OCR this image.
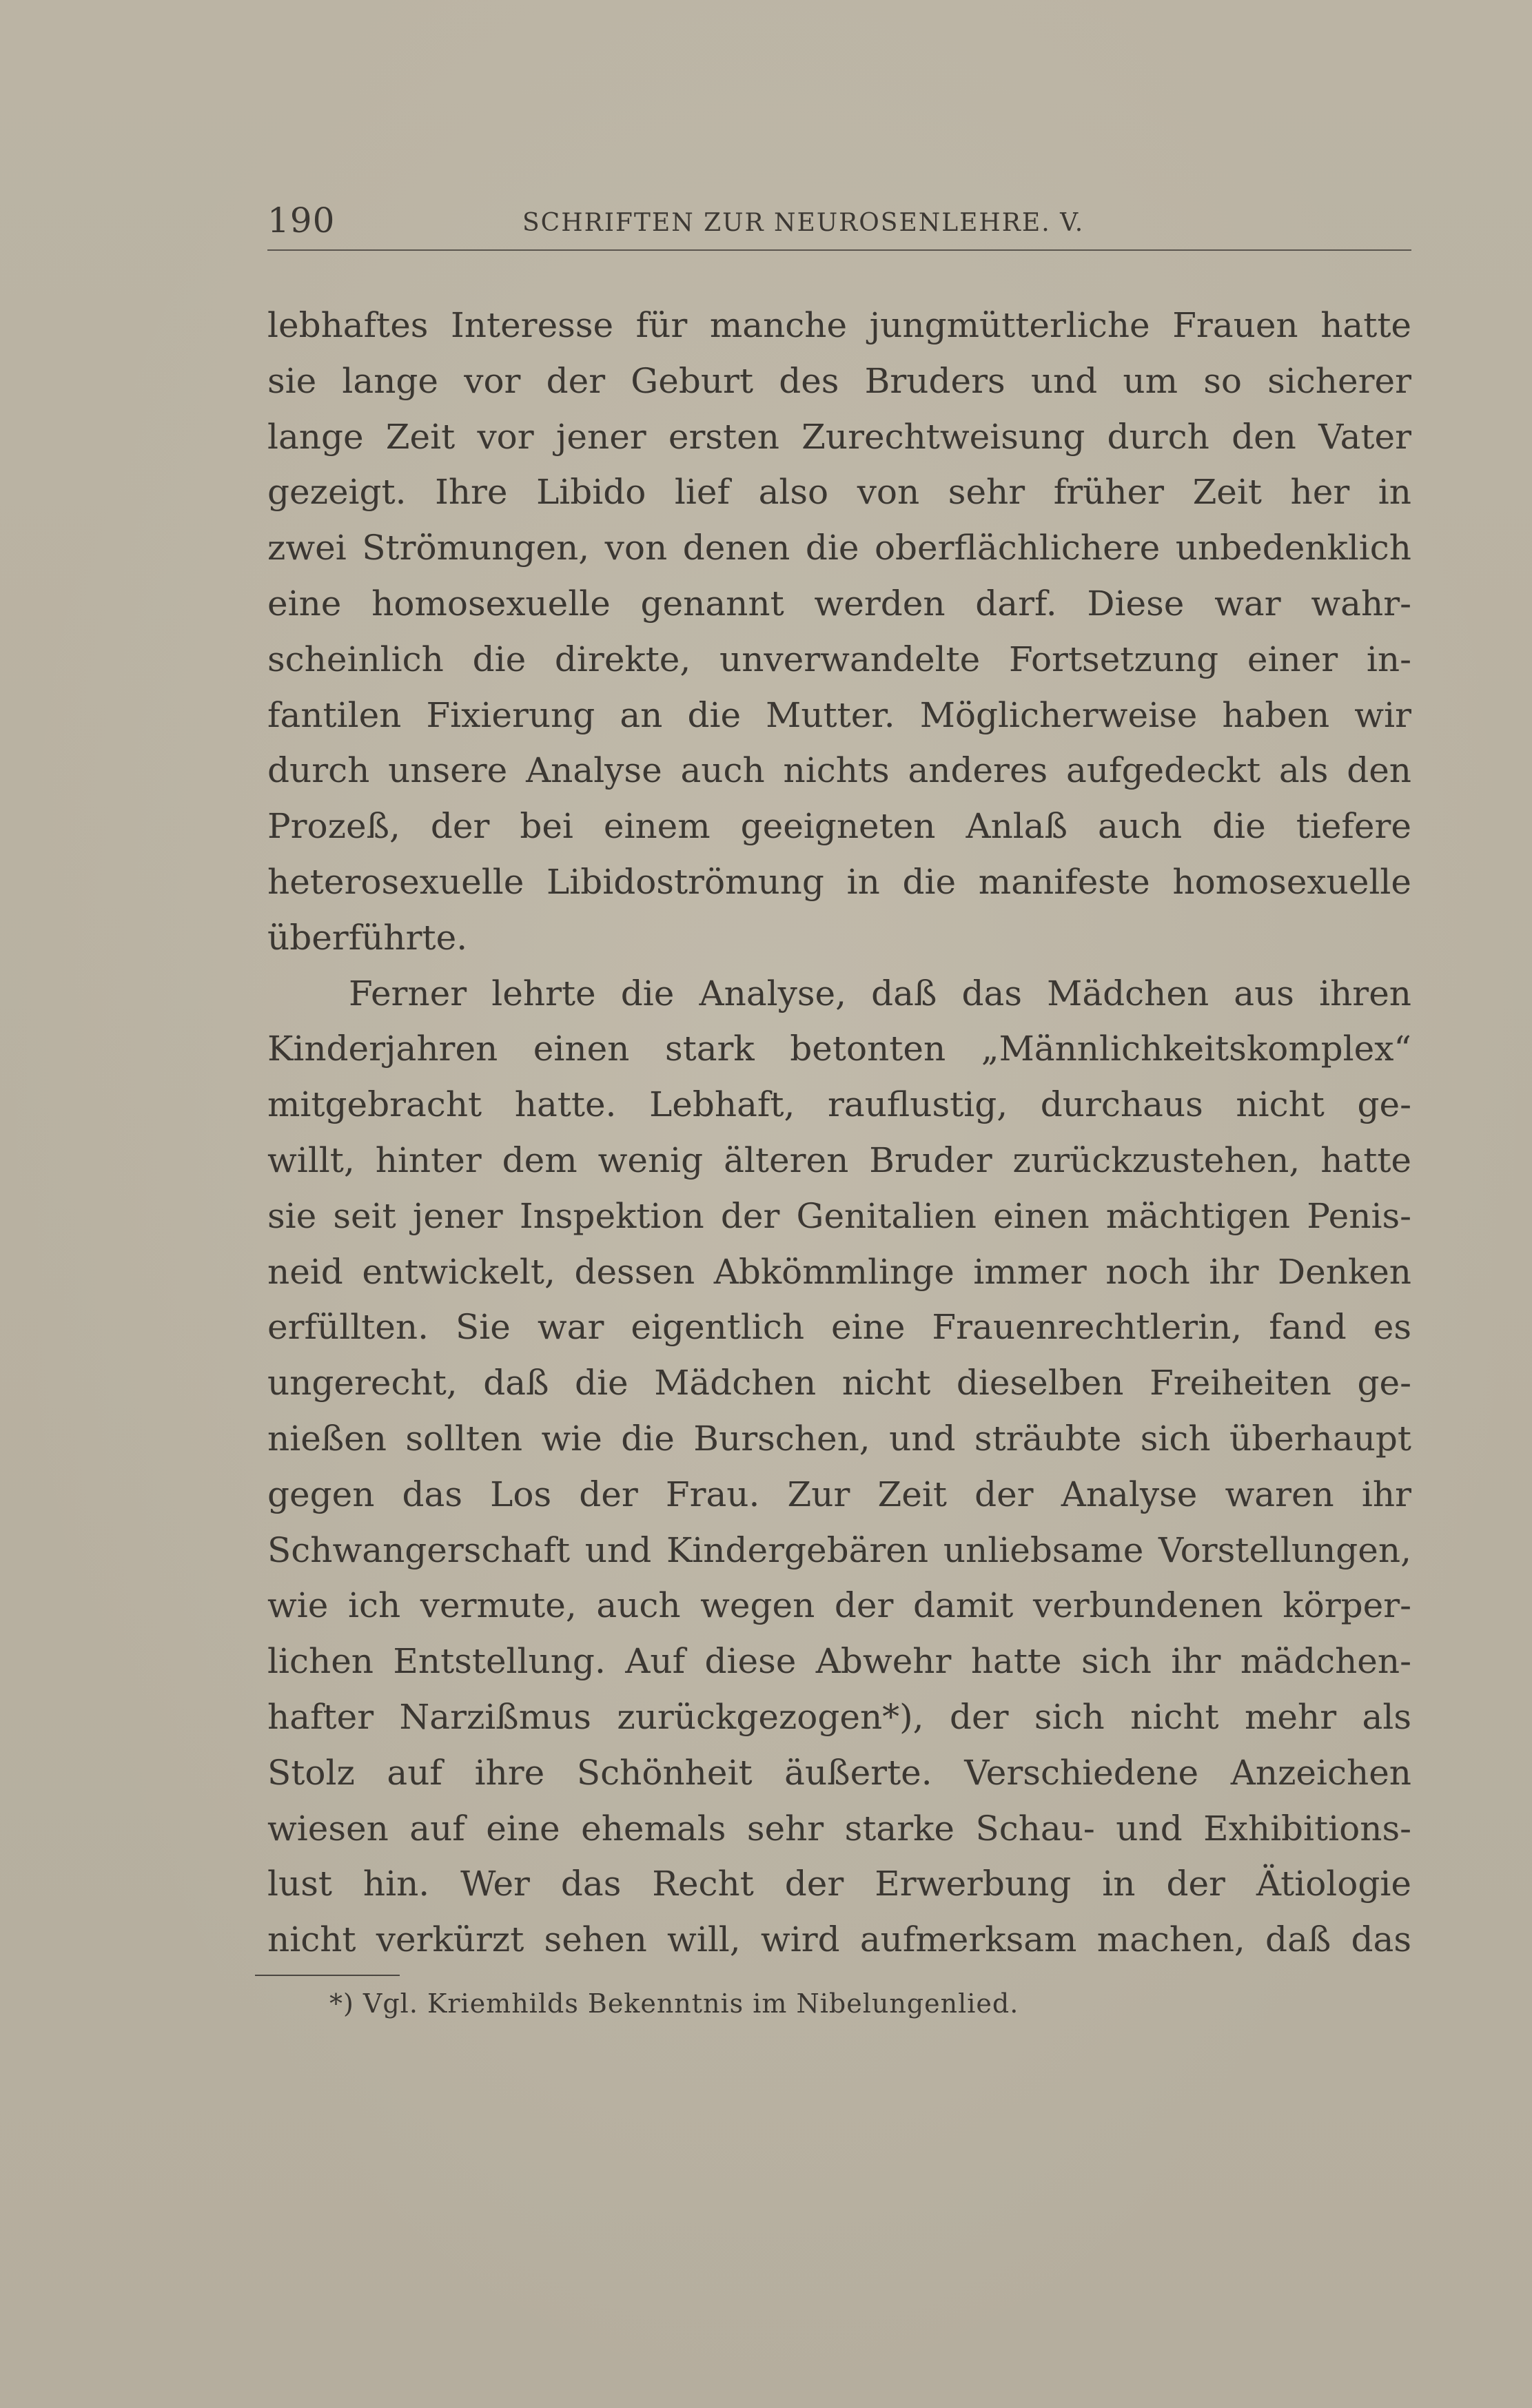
190	SCHRIFTEN ZUR NEUROSENLEHRE. V.
lebhaftes Interesse für manche jungmütterliche Frauen hatte
sie lange vor der Geburt des Bruders und um so sicherer
lange Zeit vor jener ersten Zurechtweisung durch den Vater
gezeigt. Ihre Libido lief also von sehr früher Zeit her in
zwei Strömungen, von denen die oberflächlichere unbedenklich
eine homosexuelle genannt werden darf. Diese war wahr-
scheinlich die direkte, unverwandelte Fortsetzung einer in-
fantilen Fixierung an die Mutter. Möglicherweise haben wir
durch unsere Analyse auch nichts anderes aufgedeckt als den
Prozeß, der bei einem geeigneten Anlaß auch die tiefere
heterosexuelle Libidoströmung in die manifeste homosexuelle
überführte.
Ferner lehrte die Analyse, daß das Mädchen aus ihren
Kinderjahren einen stark betonten „Männlichkeitskomplex“
mitgebracht hatte. Lebhaft, rauflustig, durchaus nicht ge-
willt, hinter dem wenig älteren Bruder zurückzustehen, hatte
sie seit jener Inspektion der Genitalien einen mächtigen Penis-
neid entwickelt, dessen Abkömmlinge immer noch ihr Denken
erfüllten. Sie war eigentlich eine Frauenrechtlerin, fand es
ungerecht, daß die Mädchen nicht dieselben Freiheiten ge-
nießen sollten wie die Burschen, und sträubte sich überhaupt
gegen das Los der Frau. Zur Zeit der Analyse waren ihr
Schwangerschaft und Kindergebären unliebsame Vorstellungen,
wie ich vermute, auch wegen der damit verbundenen körper-
lichen Entstellung. Auf diese Abwehr hatte sich ihr mädchen-
hafter Narzißmus zurückgezogen*), der sich nicht mehr als
Stolz auf ihre Schönheit äußerte. Verschiedene Anzeichen
wiesen auf eine ehemals sehr starke Schau- und Exhibitions-
lust hin. Wer das Recht der Erwerbung in der Ätiologie
nicht verkürzt sehen will, wird aufmerksam machen, daß das
*) Vgl. Kriemhilds Bekenntnis im Nibelungenlied.
